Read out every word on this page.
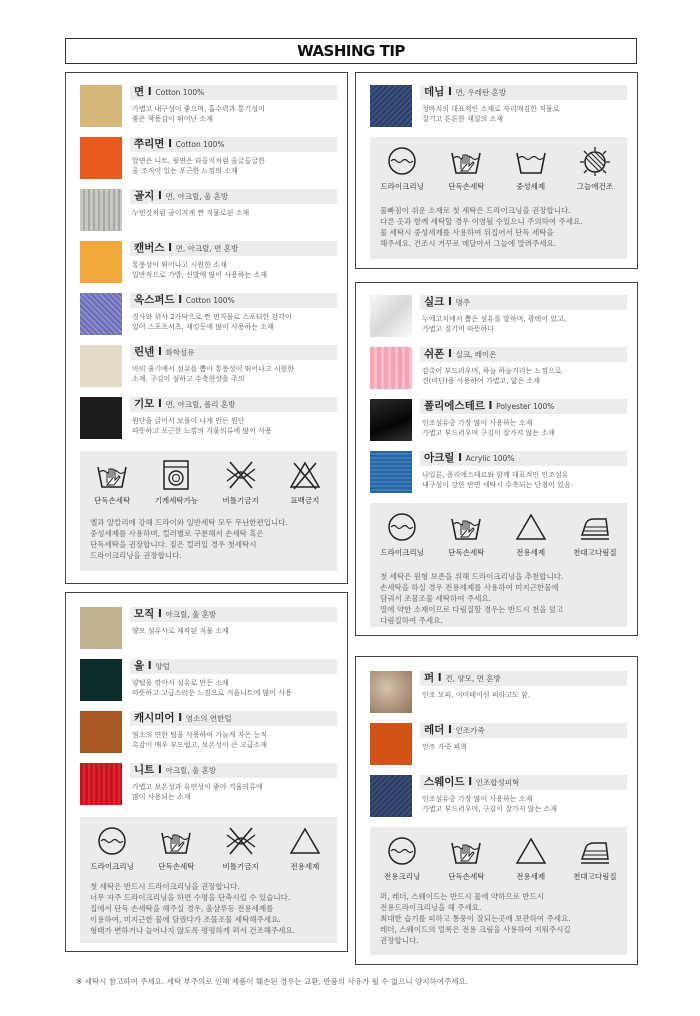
WASHING TIP
면 I Cotton 100%
가볍고 내구성이 좋으며, 흡수력과 통기성이
좋은 착용감이 뛰어난 소재
쭈리면 I Cotton 100%
앞면은 니트, 뒷면은 타올지처럼 올글올글한
올 조직이 있는 포근한 느낌의 소재
골지 I 면, 아크릴, 울 혼방
누빈것처럼 골이지게 짠 직물로된 소재
캔버스 I 면, 아크릴, 면 혼방
통풍성이 뛰어나고 시원한 소재
일반적으로 가방, 신발에 많이 사용하는 소재
옥스퍼드 I Cotton 100%
경사와 위사 2가닥으로 짠 면직물로 스포티한 감각이
있어 스포츠셔츠, 재킷등에 많이 사용하는 소재
린넨 I 화학섬유
마의 줄기에서 섬유를 뽑아 통풍성이 뛰어나고 시원한
소재. 구김이 심하고 수축현상을 주의
기모 I 면, 아크릴, 폴리 혼방
원단을 긁어서 보풀이 나게 만든 원단
따뜻하고 포근한 느낌의 겨울의류에 많이 사용
단독손세탁	기계세탁가능	비틀기금지	표백금지
옐과 알칼리에 강해 드라이와 일반세탁 모두 무난한편입니다.
중성세제를 사용하며, 컬러별로 구분해서 손세탁 혹은
단독세탁을 권장합니다. 짙은 컬러일 경우 첫세탁시
드라이크리닝을 권장합니다.
데님 I 면, 우레탄 혼방
청바지의 대표적인 소재로 자리매김한 직물로
질기고 튼튼한 재질의 소재
드라이크리닝	단독손세탁	중성세제	그늘에건조
물빠짐이 쉬운 소재로 첫 세탁은 드라이크닝을 권장합니다.
다른 옷과 함께 세탁할 경우 이염될 수있으니 주의하여 주세요.
물 세탁시 중성세제를 사용하여 뒤집어서 단독 세탁을
해주세요. 건조시 거꾸로 매달아서 그늘에 말려주세요.
실크 I 명주
누에고치에서 뽑은 섬유를 말하며, 광택이 있고,
가볍고 질기며 따뜻하다
쉬폰 I 실크, 레이온
감촉이 부드러우며, 하늘 하늘거리는 느낌으로
견(비단)을 사용하여 가볍고, 얇은 소재
폴리에스테르 I Polyester 100%
인조섬유중 가장 많이 사용하는 소재
가볍고 부드러우며 구김이 잘가지 않는 소재
아크릴 I Acrylic 100%
나일론, 폴리에스테르와 함께 대표적인 인조섬유
내구성이 강한 반면 세탁시 수축되는 단점이 있음.
드라이크리닝	단독손세탁	전용세제	천대고다림질
첫 세탁은 원형 보존을 위해 드라이크리닝을 추천합니다.
손세탁을 하실 경우 전용세제를 사용하여 미지근한물에
담궈서 조물조물 세탁하여 주세요.
열에 약한 소재이므로 다림질할 경우는 반드시 천을 덮고
다림질하여 주세요.
모직 I 아크릴, 울 혼방
양모 섬유사로 제작된 직물 소재
울 I 양털
양털을 깎아서 섬유로 만든 소재
따뜻하고 고급스러운 느낌으로 겨울니트에 많이 사용
캐시미어 I 염소의 연한털
염소의 연한 털을 사용하여 가늘게 자은 능직
촉감이 매우 부드럽고, 보온성이 큰 고급소재
니트 I 아크릴, 울 혼방
가볍고 보온성과 유연성이 좋아 겨울의류에
많이 사용되는 소재
드라이크리닝	단독손세탁	비틀기금지	전용세제
첫 세탁은 반드시 드라이크리닝을 권장합니다.
너무 자주 드라이크리닝을 하면 수명을 단축시킬 수 있습니다.
집에서 단독 손세탁을 해주실 경우, 울샴푸등 전용세제를
이용하여, 미지근한 물에 담궜다가 조물조물 세탁해주세요.
형태가 변하거나 늘어나지 않도록 평평하게 펴서 건조해주세요.
퍼 I 견, 양모, 면 혼방
인조 모피, 이미테이션 퍼라고도 함.
레더 I 인조가죽
인조 가죽 피혁
스웨이드 I 인조합성피혁
인조섬유중 가장 많이 사용하는 소재
가볍고 부드러우며, 구김이 잘가지 않는 소재
전용크리닝	단독손세탁	전용세제	천대고다림질
퍼, 레더, 스웨이드는 반드시 물에 약하므로 반드시
전용드라이크리닝을 해 주세요.
최대한 습기를 피하고 통풍이 잘되는곳에 보관하여 주세요.
레더, 스웨이드의 얼룩은 전용 크림을 사용하여 지워주시길
권장합니다.
※ 세탁시 참고하여 주세요. 세탁 부주의로 인해 제품이 훼손된 경우는 교환, 반품의 사유가 될 수 없으니 양지하여주세요.
